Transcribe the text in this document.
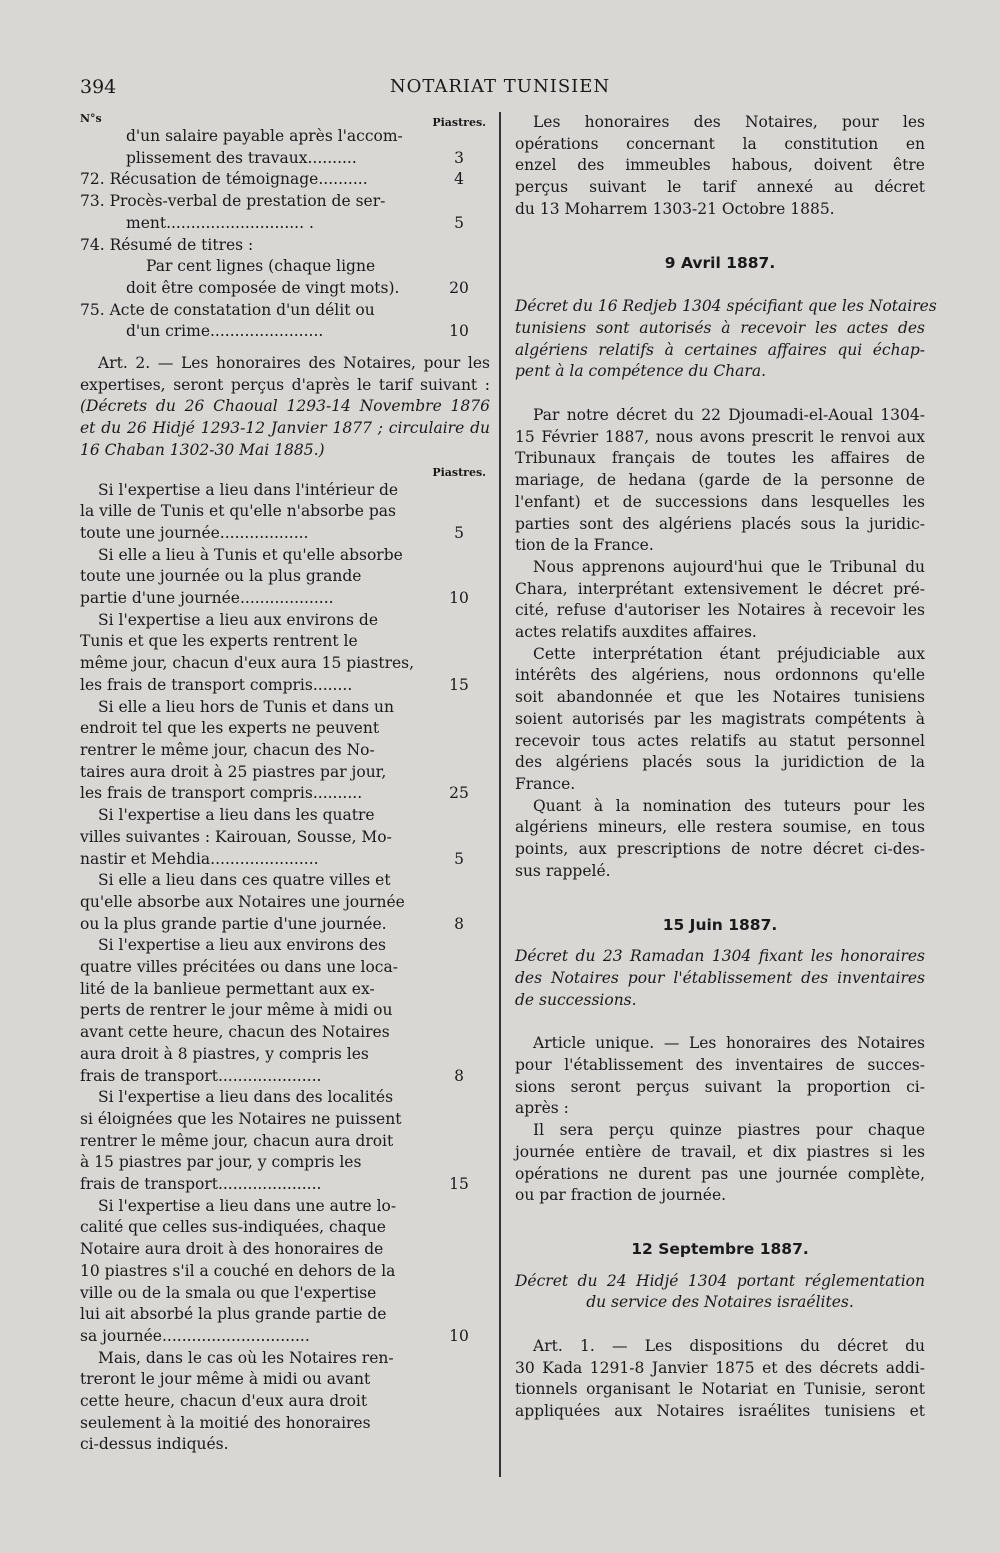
394	NOTARIAT TUNISIEN
N°s	Piastres.
d'un salaire payable après l'accom-
plissement des travaux..........	3
72. Récusation de témoignage..........	4
73. Procès-verbal de prestation de ser-
ment............................ .	5
74. Résumé de titres :
Par cent lignes (chaque ligne
doit être composée de vingt mots).	20
75. Acte de constatation d'un délit ou
d'un crime.......................	10
Art. 2. — Les honoraires des Notaires, pour les
expertises, seront perçus d'après le tarif suivant :
(Décrets du 26 Chaoual 1293-14 Novembre 1876
et du 26 Hidjé 1293-12 Janvier 1877 ; circulaire du
16 Chaban 1302-30 Mai 1885.)
Piastres.
Si l'expertise a lieu dans l'intérieur de
la ville de Tunis et qu'elle n'absorbe pas
toute une journée..................	5
Si elle a lieu à Tunis et qu'elle absorbe
toute une journée ou la plus grande
partie d'une journée...................	10
Si l'expertise a lieu aux environs de
Tunis et que les experts rentrent le
même jour, chacun d'eux aura 15 piastres,
les frais de transport compris........	15
Si elle a lieu hors de Tunis et dans un
endroit tel que les experts ne peuvent
rentrer le même jour, chacun des No-
taires aura droit à 25 piastres par jour,
les frais de transport compris..........	25
Si l'expertise a lieu dans les quatre
villes suivantes : Kairouan, Sousse, Mo-
nastir et Mehdia......................	5
Si elle a lieu dans ces quatre villes et
qu'elle absorbe aux Notaires une journée
ou la plus grande partie d'une journée.	8
Si l'expertise a lieu aux environs des
quatre villes précitées ou dans une loca-
lité de la banlieue permettant aux ex-
perts de rentrer le jour même à midi ou
avant cette heure, chacun des Notaires
aura droit à 8 piastres, y compris les
frais de transport.....................	8
Si l'expertise a lieu dans des localités
si éloignées que les Notaires ne puissent
rentrer le même jour, chacun aura droit
à 15 piastres par jour, y compris les
frais de transport.....................	15
Si l'expertise a lieu dans une autre lo-
calité que celles sus-indiquées, chaque
Notaire aura droit à des honoraires de
10 piastres s'il a couché en dehors de la
ville ou de la smala ou que l'expertise
lui ait absorbé la plus grande partie de
sa journée..............................	10
Mais, dans le cas où les Notaires ren-
treront le jour même à midi ou avant
cette heure, chacun d'eux aura droit
seulement à la moitié des honoraires
ci-dessus indiqués.
Les honoraires des Notaires, pour les
opérations concernant la constitution en
enzel des immeubles habous, doivent être
perçus suivant le tarif annexé au décret
du 13 Moharrem 1303-21 Octobre 1885.
9 Avril 1887.
Décret du 16 Redjeb 1304 spécifiant que les Notaires
tunisiens sont autorisés à recevoir les actes des
algériens relatifs à certaines affaires qui échap-
pent à la compétence du Chara.
Par notre décret du 22 Djoumadi-el-Aoual 1304-
15 Février 1887, nous avons prescrit le renvoi aux
Tribunaux français de toutes les affaires de
mariage, de hedana (garde de la personne de
l'enfant) et de successions dans lesquelles les
parties sont des algériens placés sous la juridic-
tion de la France.
Nous apprenons aujourd'hui que le Tribunal du
Chara, interprétant extensivement le décret pré-
cité, refuse d'autoriser les Notaires à recevoir les
actes relatifs auxdites affaires.
Cette interprétation étant préjudiciable aux
intérêts des algériens, nous ordonnons qu'elle
soit abandonnée et que les Notaires tunisiens
soient autorisés par les magistrats compétents à
recevoir tous actes relatifs au statut personnel
des algériens placés sous la juridiction de la
France.
Quant à la nomination des tuteurs pour les
algériens mineurs, elle restera soumise, en tous
points, aux prescriptions de notre décret ci-des-
sus rappelé.
15 Juin 1887.
Décret du 23 Ramadan 1304 fixant les honoraires
des Notaires pour l'établissement des inventaires
de successions.
Article unique. — Les honoraires des Notaires
pour l'établissement des inventaires de succes-
sions seront perçus suivant la proportion ci-
après :
Il sera perçu quinze piastres pour chaque
journée entière de travail, et dix piastres si les
opérations ne durent pas une journée complète,
ou par fraction de journée.
12 Septembre 1887.
Décret du 24 Hidjé 1304 portant réglementation
du service des Notaires israélites.
Art. 1. — Les dispositions du décret du
30 Kada 1291-8 Janvier 1875 et des décrets addi-
tionnels organisant le Notariat en Tunisie, seront
appliquées aux Notaires israélites tunisiens et
